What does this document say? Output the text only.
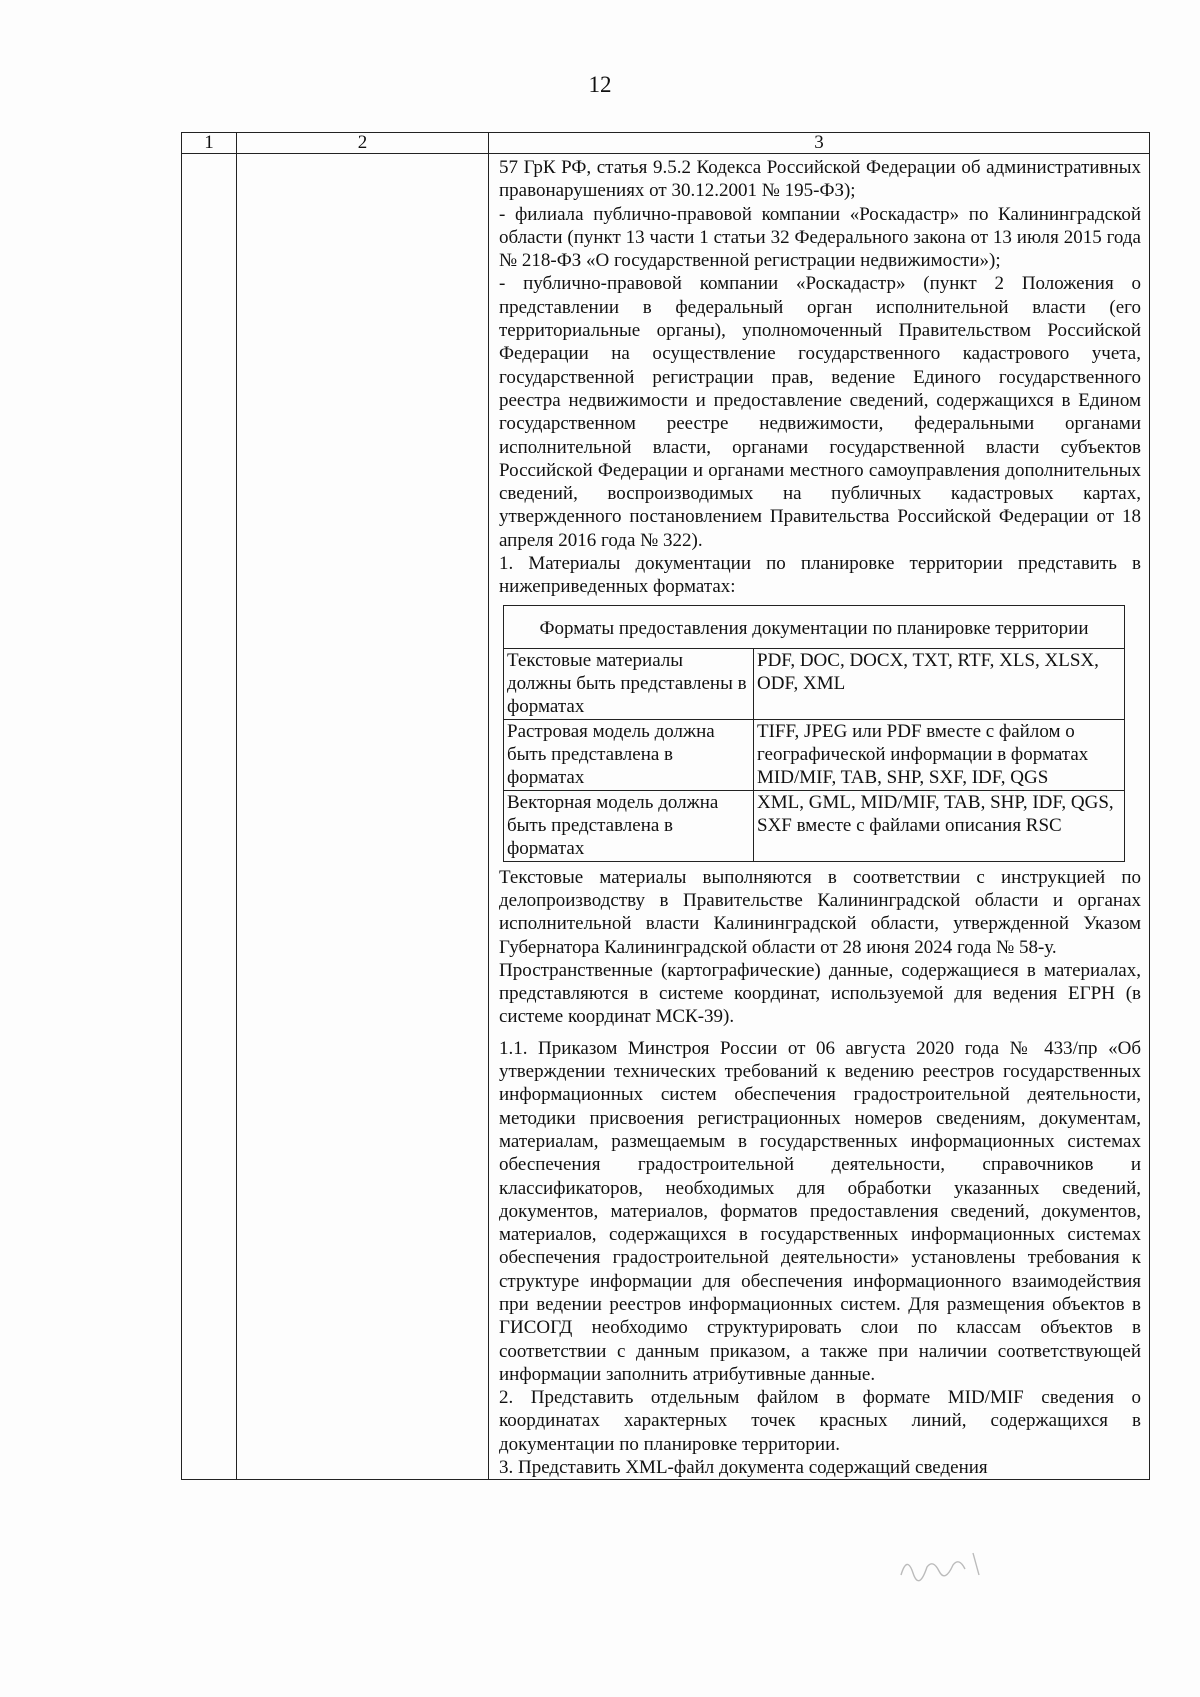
12
1	2	3

57 ГрК РФ, статья 9.5.2 Кодекса Российской Федерации об административных правонарушениях от 30.12.2001 № 195-ФЗ);

- филиала публично-правовой компании «Роскадастр» по Калининградской области (пункт 13 части 1 статьи 32 Федерального закона от 13 июля 2015 года № 218-ФЗ «О государственной регистрации недвижимости»);

- публично-правовой компании «Роскадастр» (пункт 2 Положения о представлении в федеральный орган исполнительной власти (его территориальные органы), уполномоченный Правительством Российской Федерации на осуществление государственного кадастрового учета, государственной регистрации прав, ведение Единого государственного реестра недвижимости и предоставление сведений, содержащихся в Едином государственном реестре недвижимости, федеральными органами исполнительной власти, органами государственной власти субъектов Российской Федерации и органами местного самоуправления дополнительных сведений, воспроизводимых на публичных кадастровых картах, утвержденного постановлением Правительства Российской Федерации от 18 апреля 2016 года № 322).

1. Материалы документации по планировке территории представить в нижеприведенных форматах:

Форматы предоставления документации по планировке территории
Текстовые материалы должны быть представлены в форматах	PDF, DOC, DOCX, TXT, RTF, XLS, XLSX, ODF, XML
Растровая модель должна быть представлена в форматах	TIFF, JPEG или PDF вместе с файлом о географической информации в форматах MID/MIF, TAB, SHP, SXF, IDF, QGS
Векторная модель должна быть представлена в форматах	XML, GML, MID/MIF, TAB, SHP, IDF, QGS, SXF вместе с файлами описания RSC

Текстовые материалы выполняются в соответствии с инструкцией по делопроизводству в Правительстве Калининградской области и органах исполнительной власти Калининградской области, утвержденной Указом Губернатора Калининградской области от 28 июня 2024 года № 58-у.

Пространственные (картографические) данные, содержащиеся в материалах, представляются в системе координат, используемой для ведения ЕГРН (в системе координат МСК-39).

1.1. Приказом Минстроя России от 06 августа 2020 года № 433/пр «Об утверждении технических требований к ведению реестров государственных информационных систем обеспечения градостроительной деятельности, методики присвоения регистрационных номеров сведениям, документам, материалам, размещаемым в государственных информационных системах обеспечения градостроительной деятельности, справочников и классификаторов, необходимых для обработки указанных сведений, документов, материалов, форматов предоставления сведений, документов, материалов, содержащихся в государственных информационных системах обеспечения градостроительной деятельности» установлены требования к структуре информации для обеспечения информационного взаимодействия при ведении реестров информационных систем. Для размещения объектов в ГИСОГД необходимо структурировать слои по классам объектов в соответствии с данным приказом, а также при наличии соответствующей информации заполнить атрибутивные данные.

2. Представить отдельным файлом в формате MID/MIF сведения о координатах характерных точек красных линий, содержащихся в документации по планировке территории.

3. Представить XML-файл документа содержащий сведения
